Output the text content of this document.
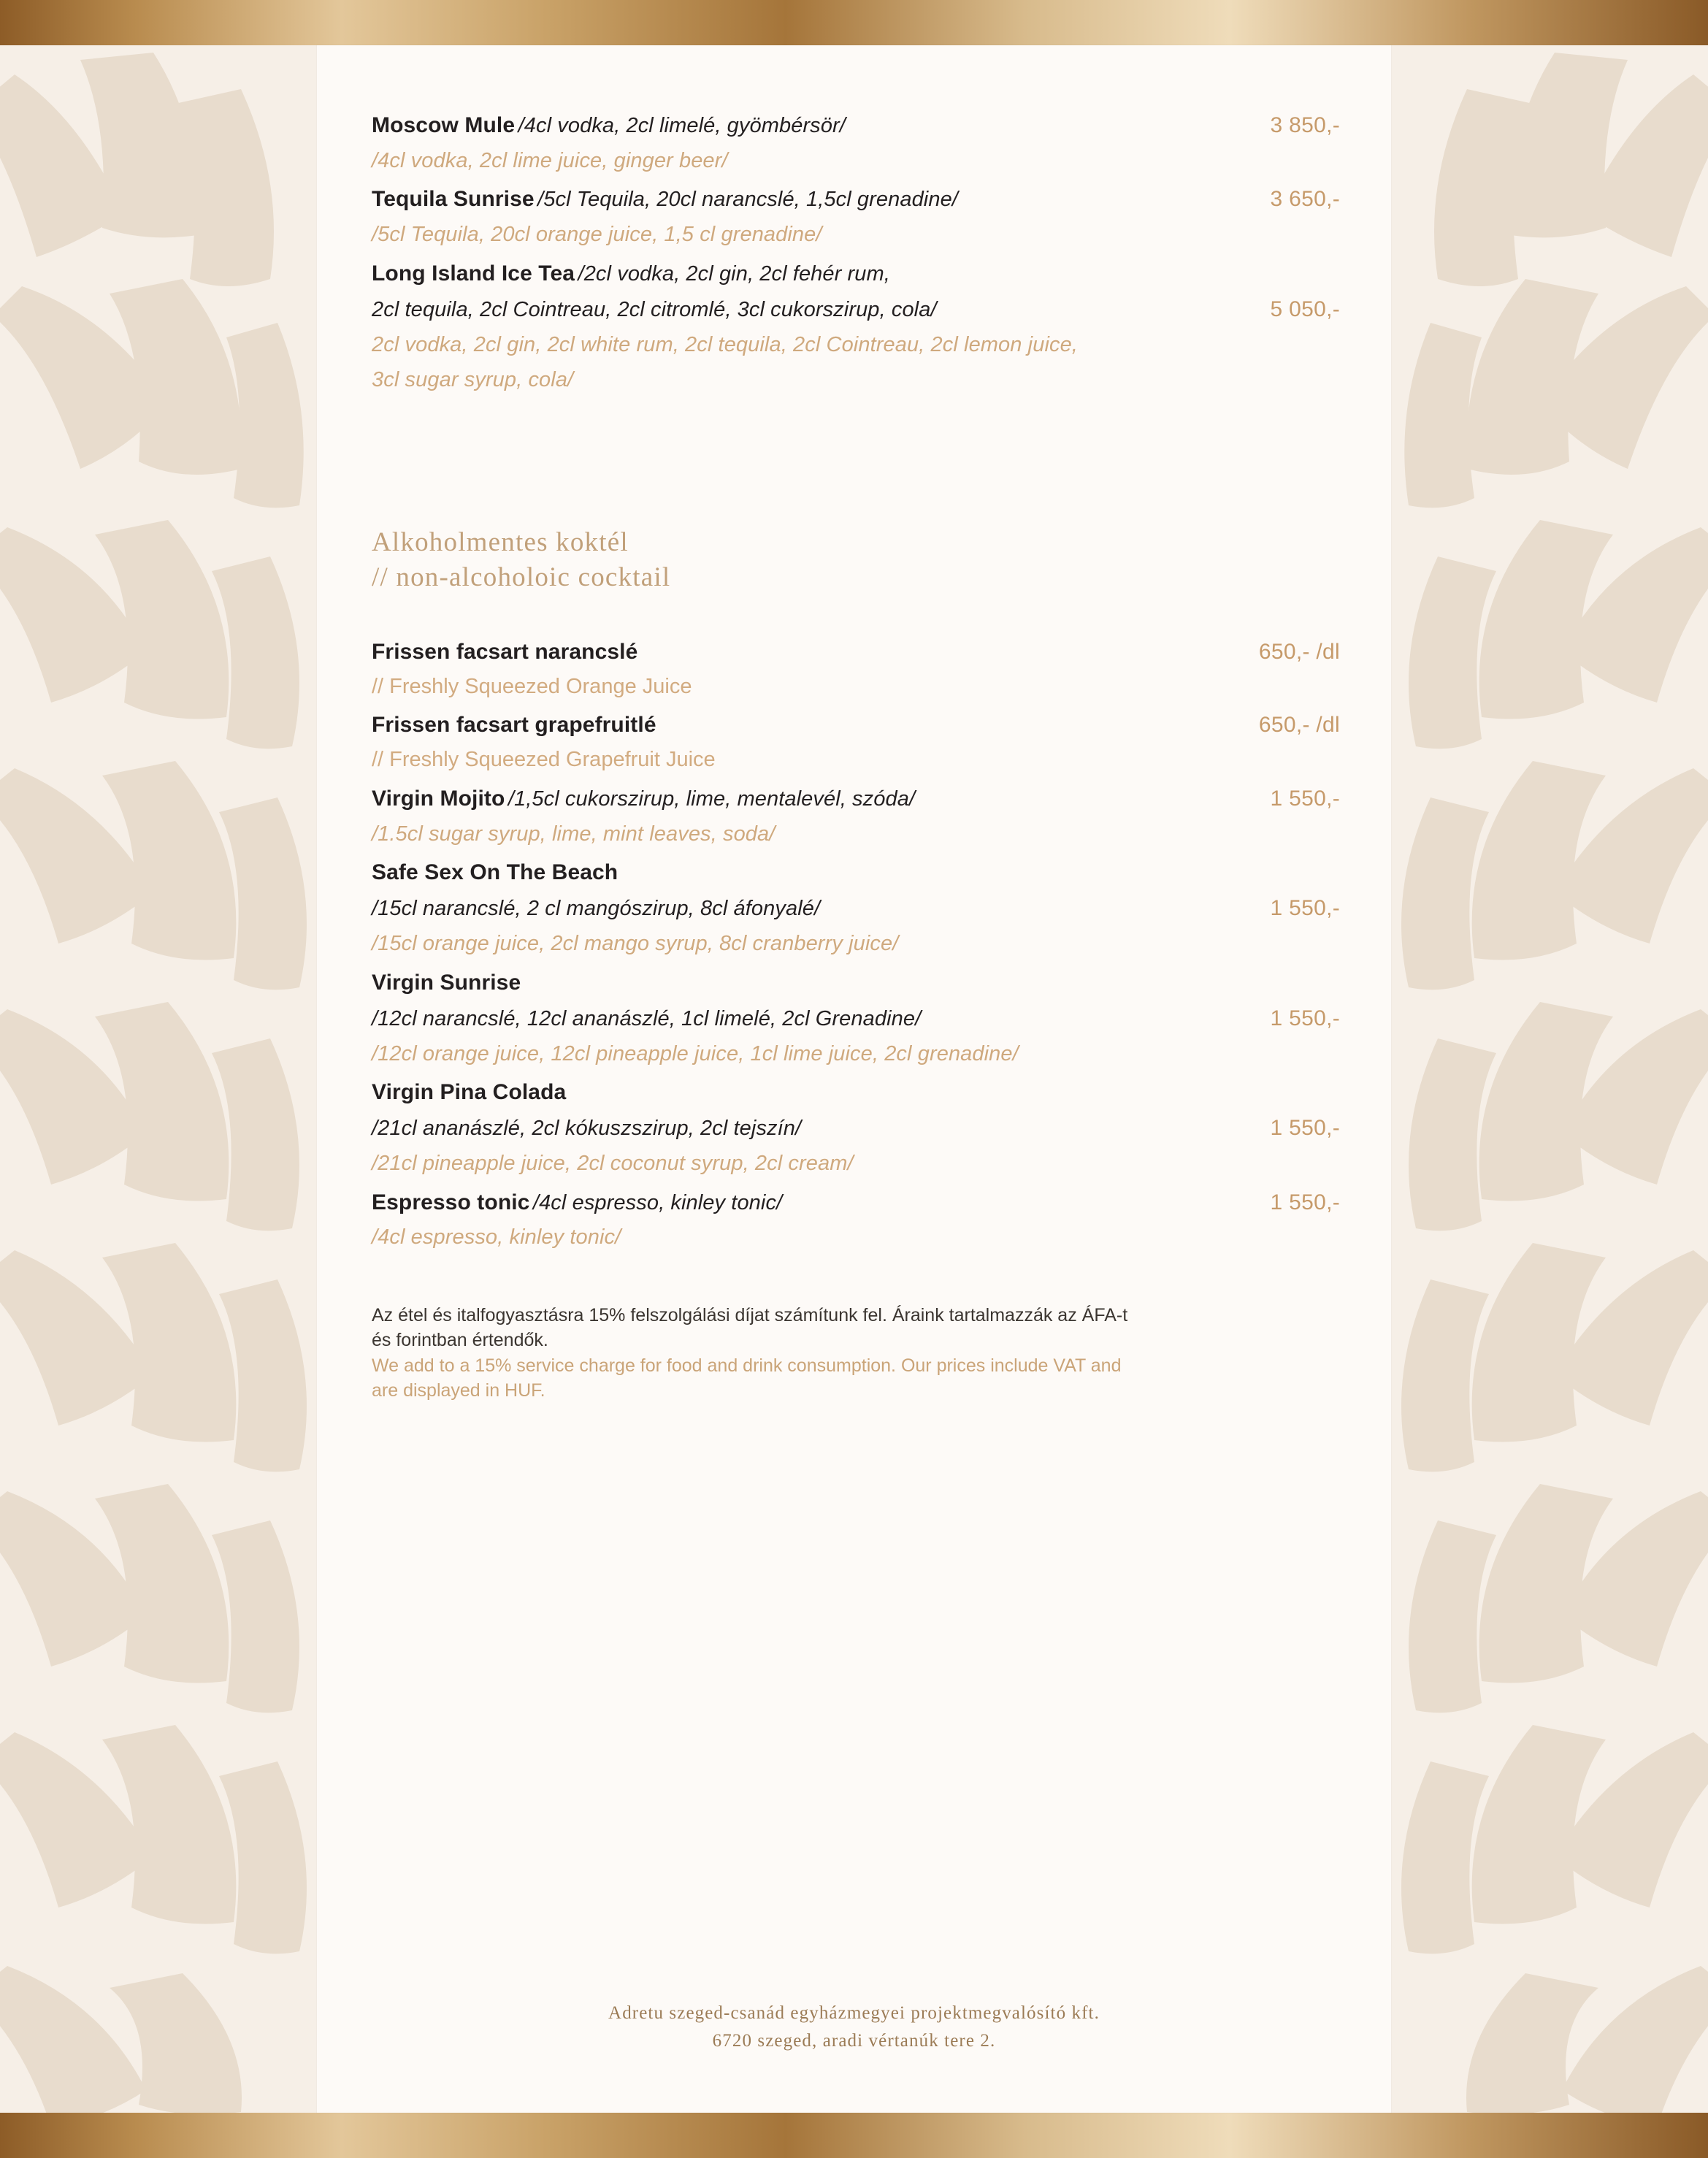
Moscow Mule /4cl vodka, 2cl limelé, gyömbérsör/	3 850,-
/4cl vodka, 2cl lime juice, ginger beer/
Tequila Sunrise /5cl Tequila, 20cl narancslé, 1,5cl grenadine/	3 650,-
/5cl Tequila, 20cl orange juice, 1,5 cl grenadine/
Long Island Ice Tea /2cl vodka, 2cl gin, 2cl fehér rum,
2cl tequila, 2cl Cointreau, 2cl citromlé, 3cl cukorszirup, cola/	5 050,-
2cl vodka, 2cl gin, 2cl white rum, 2cl tequila, 2cl Cointreau, 2cl lemon juice,
3cl sugar syrup, cola/
Alkoholmentes koktél
// non-alcoholoic cocktail
Frissen facsart narancslé	650,- /dl
// Freshly Squeezed Orange Juice
Frissen facsart grapefruitlé	650,- /dl
// Freshly Squeezed Grapefruit Juice
Virgin Mojito /1,5cl cukorszirup, lime, mentalevél, szóda/	1 550,-
/1.5cl sugar syrup, lime, mint leaves, soda/
Safe Sex On The Beach
/15cl narancslé, 2 cl mangószirup, 8cl áfonyalé/	1 550,-
/15cl orange juice, 2cl mango syrup, 8cl cranberry juice/
Virgin Sunrise
/12cl narancslé, 12cl ananászlé, 1cl limelé, 2cl Grenadine/	1 550,-
/12cl orange juice, 12cl pineapple juice, 1cl lime juice, 2cl grenadine/
Virgin Pina Colada
/21cl ananászlé, 2cl kókuszszirup, 2cl tejszín/	1 550,-
/21cl pineapple juice, 2cl coconut syrup, 2cl cream/
Espresso tonic /4cl espresso, kinley tonic/	1 550,-
/4cl espresso, kinley tonic/
Az étel és italfogyasztásra 15% felszolgálási díjat számítunk fel. Áraink tartalmazzák az ÁFA-t
és forintban értendők.
We add to a 15% service charge for food and drink consumption. Our prices include VAT and
are displayed in HUF.
Adretu szeged-csanád egyházmegyei projektmegvalósító kft.
6720 szeged, aradi vértanúk tere 2.
